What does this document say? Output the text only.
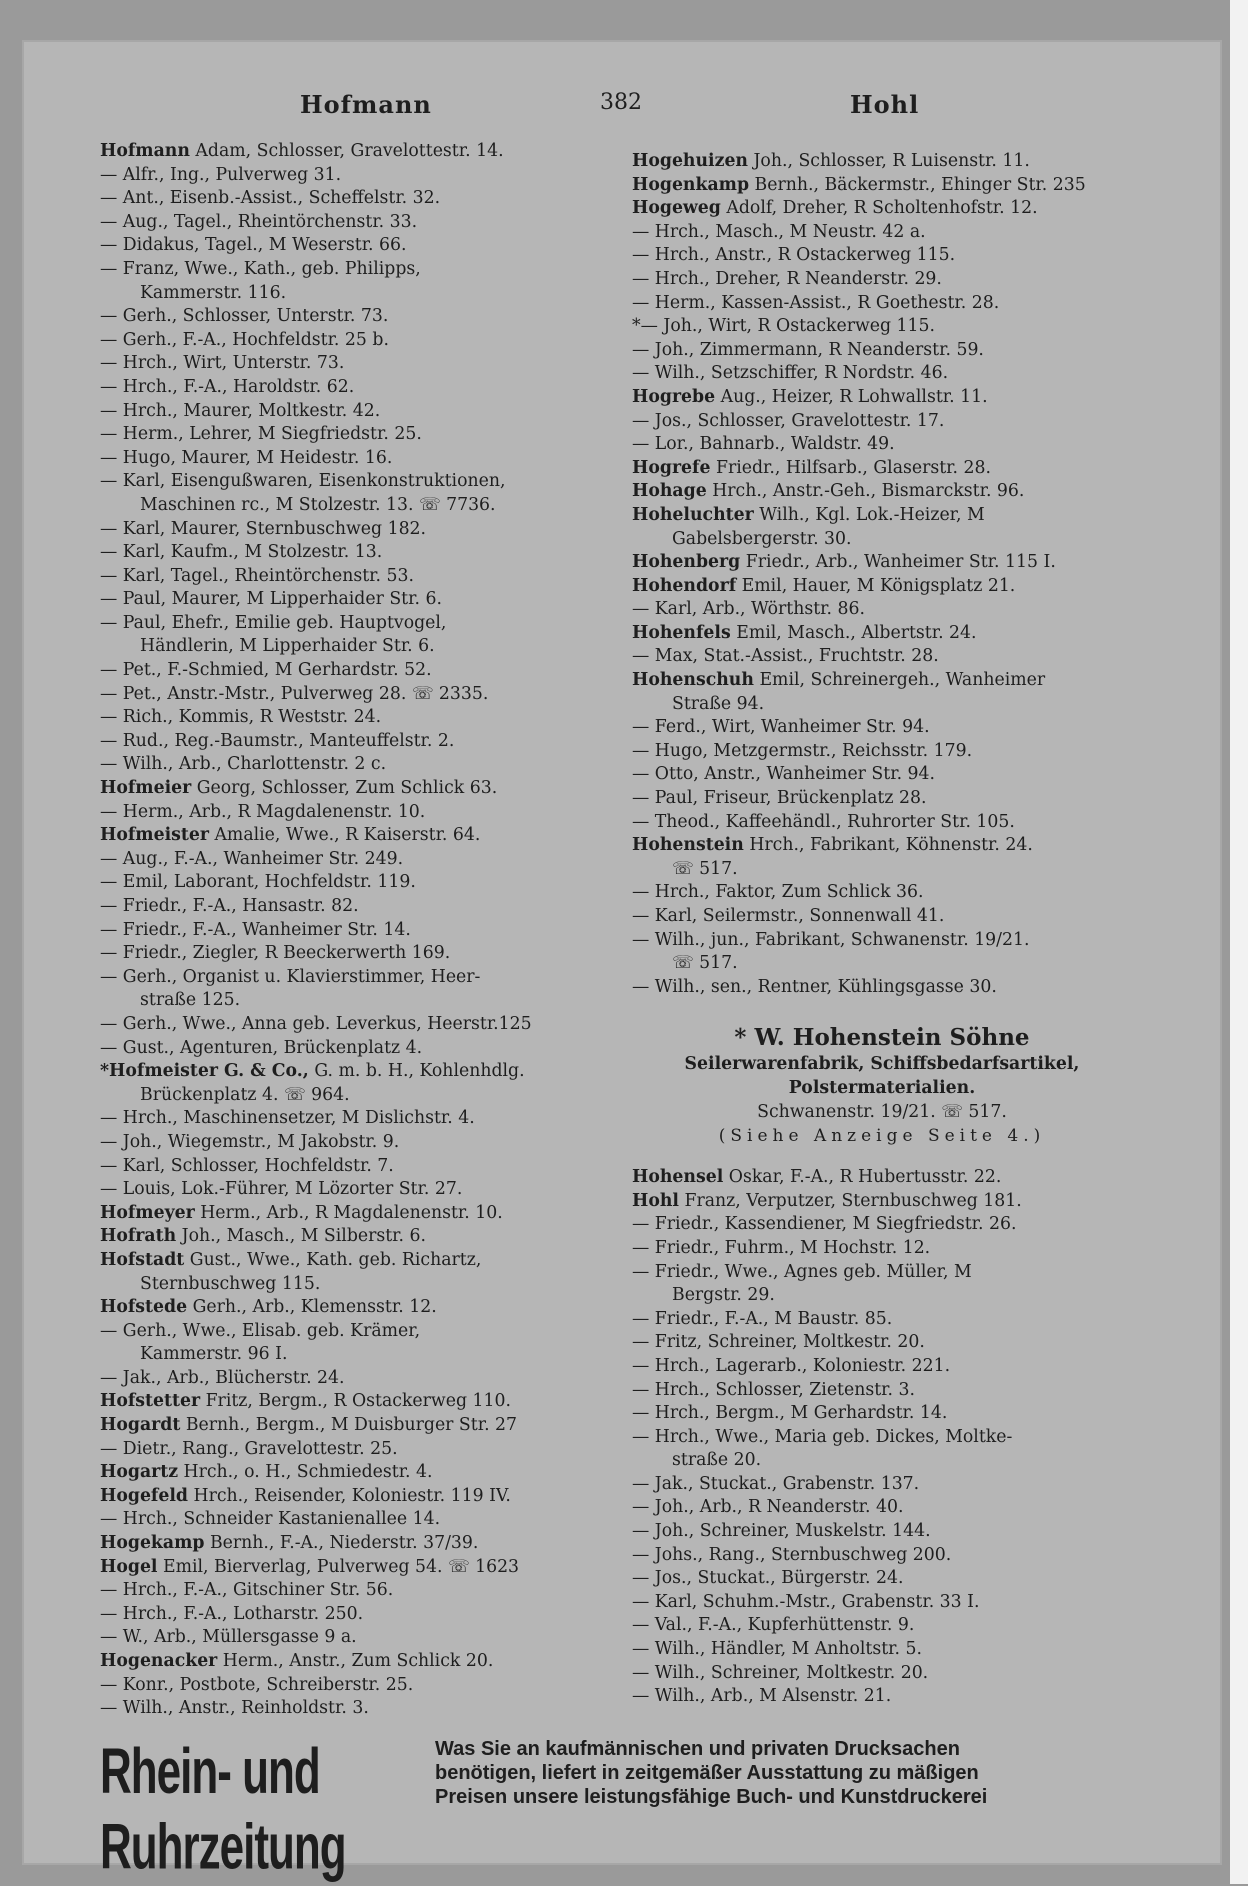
Hofmann	382	Hohl
Hofmann Adam, Schlosser, Gravelottestr. 14.
— Alfr., Ing., Pulverweg 31.
— Ant., Eisenb.-Assist., Scheffelstr. 32.
— Aug., Tagel., Rheintörchenstr. 33.
— Didakus, Tagel., M Weserstr. 66.
— Franz, Wwe., Kath., geb. Philipps,
Kammerstr. 116.
— Gerh., Schlosser, Unterstr. 73.
— Gerh., F.-A., Hochfeldstr. 25 b.
— Hrch., Wirt, Unterstr. 73.
— Hrch., F.-A., Haroldstr. 62.
— Hrch., Maurer, Moltkestr. 42.
— Herm., Lehrer, M Siegfriedstr. 25.
— Hugo, Maurer, M Heidestr. 16.
— Karl, Eisengußwaren, Eisenkonstruktionen,
Maschinen rc., M Stolzestr. 13. ☏ 7736.
— Karl, Maurer, Sternbuschweg 182.
— Karl, Kaufm., M Stolzestr. 13.
— Karl, Tagel., Rheintörchenstr. 53.
— Paul, Maurer, M Lipperhaider Str. 6.
— Paul, Ehefr., Emilie geb. Hauptvogel,
Händlerin, M Lipperhaider Str. 6.
— Pet., F.-Schmied, M Gerhardstr. 52.
— Pet., Anstr.-Mstr., Pulverweg 28. ☏ 2335.
— Rich., Kommis, R Weststr. 24.
— Rud., Reg.-Baumstr., Manteuffelstr. 2.
— Wilh., Arb., Charlottenstr. 2 c.
Hofmeier Georg, Schlosser, Zum Schlick 63.
— Herm., Arb., R Magdalenenstr. 10.
Hofmeister Amalie, Wwe., R Kaiserstr. 64.
— Aug., F.-A., Wanheimer Str. 249.
— Emil, Laborant, Hochfeldstr. 119.
— Friedr., F.-A., Hansastr. 82.
— Friedr., F.-A., Wanheimer Str. 14.
— Friedr., Ziegler, R Beeckerwerth 169.
— Gerh., Organist u. Klavierstimmer, Heer-
straße 125.
— Gerh., Wwe., Anna geb. Leverkus, Heerstr.125
— Gust., Agenturen, Brückenplatz 4.
*Hofmeister G. & Co., G. m. b. H., Kohlenhdlg.
Brückenplatz 4. ☏ 964.
— Hrch., Maschinensetzer, M Dislichstr. 4.
— Joh., Wiegemstr., M Jakobstr. 9.
— Karl, Schlosser, Hochfeldstr. 7.
— Louis, Lok.-Führer, M Lözorter Str. 27.
Hofmeyer Herm., Arb., R Magdalenenstr. 10.
Hofrath Joh., Masch., M Silberstr. 6.
Hofstadt Gust., Wwe., Kath. geb. Richartz,
Sternbuschweg 115.
Hofstede Gerh., Arb., Klemensstr. 12.
— Gerh., Wwe., Elisab. geb. Krämer,
Kammerstr. 96 I.
— Jak., Arb., Blücherstr. 24.
Hofstetter Fritz, Bergm., R Ostackerweg 110.
Hogardt Bernh., Bergm., M Duisburger Str. 27
— Dietr., Rang., Gravelottestr. 25.
Hogartz Hrch., o. H., Schmiedestr. 4.
Hogefeld Hrch., Reisender, Koloniestr. 119 IV.
— Hrch., Schneider Kastanienallee 14.
Hogekamp Bernh., F.-A., Niederstr. 37/39.
Hogel Emil, Bierverlag, Pulverweg 54. ☏ 1623
— Hrch., F.-A., Gitschiner Str. 56.
— Hrch., F.-A., Lotharstr. 250.
— W., Arb., Müllersgasse 9 a.
Hogenacker Herm., Anstr., Zum Schlick 20.
— Konr., Postbote, Schreiberstr. 25.
— Wilh., Anstr., Reinholdstr. 3.
Hogehuizen Joh., Schlosser, R Luisenstr. 11.
Hogenkamp Bernh., Bäckermstr., Ehinger Str. 235
Hogeweg Adolf, Dreher, R Scholtenhofstr. 12.
— Hrch., Masch., M Neustr. 42 a.
— Hrch., Anstr., R Ostackerweg 115.
— Hrch., Dreher, R Neanderstr. 29.
— Herm., Kassen-Assist., R Goethestr. 28.
*— Joh., Wirt, R Ostackerweg 115.
— Joh., Zimmermann, R Neanderstr. 59.
— Wilh., Setzschiffer, R Nordstr. 46.
Hogrebe Aug., Heizer, R Lohwallstr. 11.
— Jos., Schlosser, Gravelottestr. 17.
— Lor., Bahnarb., Waldstr. 49.
Hogrefe Friedr., Hilfsarb., Glaserstr. 28.
Hohage Hrch., Anstr.-Geh., Bismarckstr. 96.
Hoheluchter Wilh., Kgl. Lok.-Heizer, M
Gabelsbergerstr. 30.
Hohenberg Friedr., Arb., Wanheimer Str. 115 I.
Hohendorf Emil, Hauer, M Königsplatz 21.
— Karl, Arb., Wörthstr. 86.
Hohenfels Emil, Masch., Albertstr. 24.
— Max, Stat.-Assist., Fruchtstr. 28.
Hohenschuh Emil, Schreinergeh., Wanheimer
Straße 94.
— Ferd., Wirt, Wanheimer Str. 94.
— Hugo, Metzgermstr., Reichsstr. 179.
— Otto, Anstr., Wanheimer Str. 94.
— Paul, Friseur, Brückenplatz 28.
— Theod., Kaffeehändl., Ruhrorter Str. 105.
Hohenstein Hrch., Fabrikant, Köhnenstr. 24.
☏ 517.
— Hrch., Faktor, Zum Schlick 36.
— Karl, Seilermstr., Sonnenwall 41.
— Wilh., jun., Fabrikant, Schwanenstr. 19/21.
☏ 517.
— Wilh., sen., Rentner, Kühlingsgasse 30.
* W. Hohenstein Söhne
Seilerwarenfabrik, Schiffsbedarfsartikel,
Polstermaterialien.
Schwanenstr. 19/21. ☏ 517.
(Siehe Anzeige Seite 4.)
Hohensel Oskar, F.-A., R Hubertusstr. 22.
Hohl Franz, Verputzer, Sternbuschweg 181.
— Friedr., Kassendiener, M Siegfriedstr. 26.
— Friedr., Fuhrm., M Hochstr. 12.
— Friedr., Wwe., Agnes geb. Müller, M
Bergstr. 29.
— Friedr., F.-A., M Baustr. 85.
— Fritz, Schreiner, Moltkestr. 20.
— Hrch., Lagerarb., Koloniestr. 221.
— Hrch., Schlosser, Zietenstr. 3.
— Hrch., Bergm., M Gerhardstr. 14.
— Hrch., Wwe., Maria geb. Dickes, Moltke-
straße 20.
— Jak., Stuckat., Grabenstr. 137.
— Joh., Arb., R Neanderstr. 40.
— Joh., Schreiner, Muskelstr. 144.
— Johs., Rang., Sternbuschweg 200.
— Jos., Stuckat., Bürgerstr. 24.
— Karl, Schuhm.-Mstr., Grabenstr. 33 I.
— Val., F.-A., Kupferhüttenstr. 9.
— Wilh., Händler, M Anholtstr. 5.
— Wilh., Schreiner, Moltkestr. 20.
— Wilh., Arb., M Alsenstr. 21.
Rhein- und Ruhrzeitung
Was Sie an kaufmännischen und privaten Drucksachen
benötigen, liefert in zeitgemäßer Ausstattung zu mäßigen
Preisen unsere leistungsfähige Buch- und Kunstdruckerei
